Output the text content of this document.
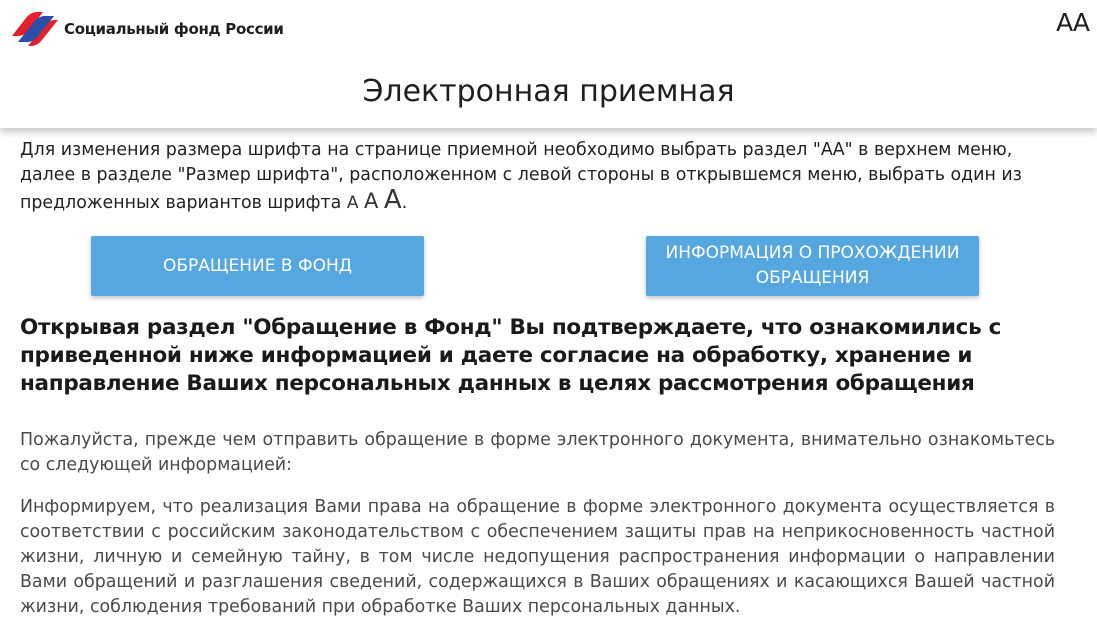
Социальный фонд России	AA
Электронная приемная

Для изменения размера шрифта на странице приемной необходимо выбрать раздел "АА" в верхнем меню, далее в разделе "Размер шрифта", расположенном с левой стороны в открывшемся меню, выбрать один из предложенных вариантов шрифта А А А.

ОБРАЩЕНИЕ В ФОНД
ИНФОРМАЦИЯ О ПРОХОЖДЕНИИ ОБРАЩЕНИЯ

Открывая раздел "Обращение в Фонд" Вы подтверждаете, что ознакомились с приведенной ниже информацией и даете согласие на обработку, хранение и направление Ваших персональных данных в целях рассмотрения обращения

Пожалуйста, прежде чем отправить обращение в форме электронного документа, внимательно ознакомьтесь со следующей информацией:

Информируем, что реализация Вами права на обращение в форме электронного документа осуществляется в соответствии с российским законодательством с обеспечением защиты прав на неприкосновенность частной жизни, личную и семейную тайну, в том числе недопущения распространения информации о направлении Вами обращений и разглашения сведений, содержащихся в Ваших обращениях и касающихся Вашей частной жизни, соблюдения требований при обработке Ваших персональных данных.
